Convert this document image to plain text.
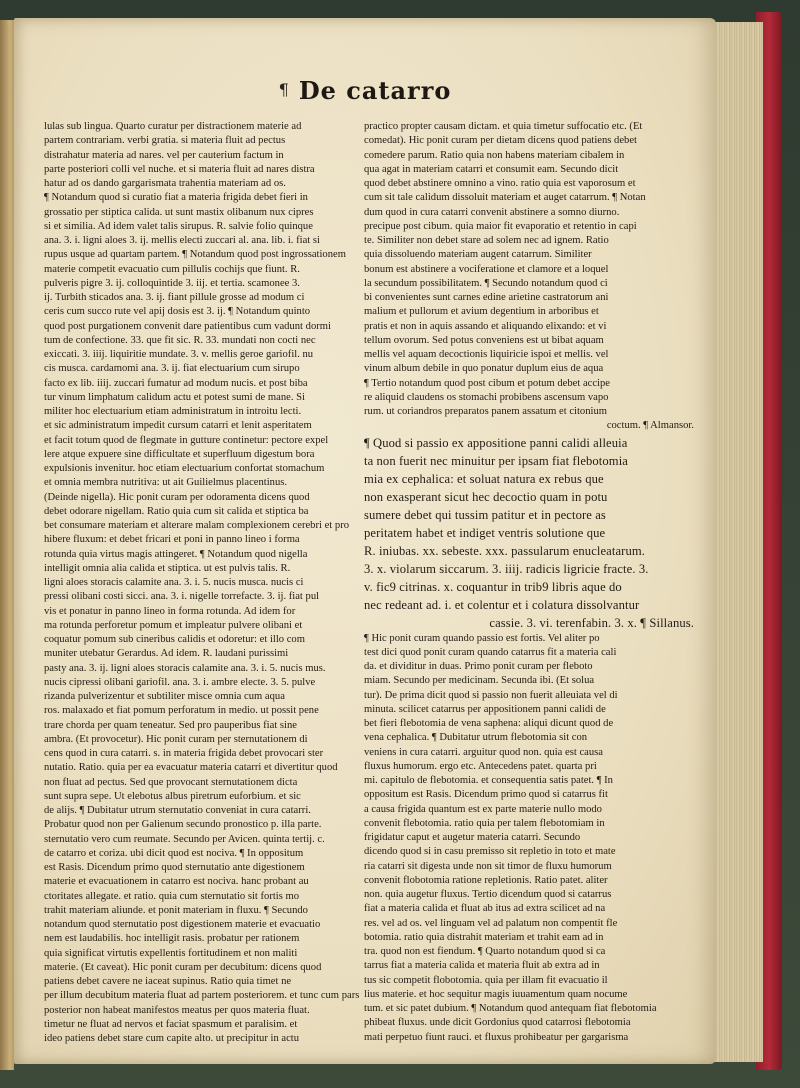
¶ De catarro
lulas sub lingua. Quarto curatur per distractionem materie ad
partem contrariam. verbi gratia. si materia fluit ad pectus
distrahatur materia ad nares. vel per cauterium factum in
parte posteriori colli vel nuche. et si materia fluit ad nares distra
hatur ad os dando gargarismata trahentia materiam ad os.
¶ Notandum quod si curatio fiat a materia frigida debet fieri in
grossatio per stiptica calida. ut sunt mastix olibanum nux cipres
si et similia. Ad idem valet talis sirupus. R. salvie folio quinque
ana. 3. i. ligni aloes 3. ij. mellis electi zuccari al. ana. lib. i. fiat si
rupus usque ad quartam partem. ¶ Notandum quod post ingrossationem
materie competit evacuatio cum pillulis cochijs que fiunt. R.
pulveris pigre 3. ij. colloquintide 3. iij. et tertia. scamonee 3.
ij. Turbith sticados ana. 3. ij. fiant pillule grosse ad modum ci
ceris cum succo rute vel apij dosis est 3. ij. ¶ Notandum quinto
quod post purgationem convenit dare patientibus cum vadunt dormi
tum de confectione. 33. que fit sic. R. 33. mundati non cocti nec
exiccati. 3. iiij. liquiritie mundate. 3. v. mellis geroe gariofil. nu
cis musca. cardamomi ana. 3. ij. fiat electuarium cum sirupo
facto ex lib. iiij. zuccari fumatur ad modum nucis. et post biba
tur vinum limphatum calidum actu et potest sumi de mane. Si
militer hoc electuarium etiam administratum in introitu lecti.
et sic administratum impedit cursum catarri et lenit asperitatem
et facit totum quod de flegmate in gutture continetur: pectore expel
lere atque expuere sine difficultate et superfluum digestum bora
expulsionis invenitur. hoc etiam electuarium confortat stomachum
et omnia membra nutritiva: ut ait Guilielmus placentinus.
(Deinde nigella). Hic ponit curam per odoramenta dicens quod
debet odorare nigellam. Ratio quia cum sit calida et stiptica ba
bet consumare materiam et alterare malam complexionem cerebri et pro
hibere fluxum: et debet fricari et poni in panno lineo i forma
rotunda quia virtus magis attingeret. ¶ Notandum quod nigella
intelligit omnia alia calida et stiptica. ut est pulvis talis. R.
ligni aloes storacis calamite ana. 3. i. 5. nucis musca. nucis ci
pressi olibani costi sicci. ana. 3. i. nigelle torrefacte. 3. ij. fiat pul
vis et ponatur in panno lineo in forma rotunda. Ad idem for
ma rotunda perforetur pomum et impleatur pulvere olibani et
coquatur pomum sub cineribus calidis et odoretur: et illo com
muniter utebatur Gerardus. Ad idem. R. laudani purissimi
pasty ana. 3. ij. ligni aloes storacis calamite ana. 3. i. 5. nucis mus.
nucis cipressi olibani gariofil. ana. 3. i. ambre electe. 3. 5. pulve
rizanda pulverizentur et subtiliter misce omnia cum aqua
ros. malaxado et fiat pomum perforatum in medio. ut possit pene
trare chorda per quam teneatur. Sed pro pauperibus fiat sine
ambra. (Et provocetur). Hic ponit curam per sternutationem di
cens quod in cura catarri. s. in materia frigida debet provocari ster
nutatio. Ratio. quia per ea evacuatur materia catarri et divertitur quod
non fluat ad pectus. Sed que provocant sternutationem dicta
sunt supra sepe. Ut elebotus albus piretrum euforbium. et sic
de alijs. ¶ Dubitatur utrum sternutatio conveniat in cura catarri.
Probatur quod non per Galienum secundo pronostico p. illa parte.
sternutatio vero cum reumate. Secundo per Avicen. quinta tertij. c.
de catarro et coriza. ubi dicit quod est nociva. ¶ In oppositum
est Rasis. Dicendum primo quod sternutatio ante digestionem
materie et evacuationem in catarro est nociva. hanc probant au
ctoritates allegate. et ratio. quia cum sternutatio sit fortis mo
trahit materiam aliunde. et ponit materiam in fluxu. ¶ Secundo
notandum quod sternutatio post digestionem materie et evacuatio
nem est laudabilis. hoc intelligit rasis. probatur per rationem
quia significat virtutis expellentis fortitudinem et non maliti
materie. (Et caveat). Hic ponit curam per decubitum: dicens quod
patiens debet cavere ne iaceat supinus. Ratio quia timet ne
per illum decubitum materia fluat ad partem posteriorem. et tunc cum pars
posterior non habeat manifestos meatus per quos materia fluat.
timetur ne fluat ad nervos et faciat spasmum et paralisim. et
ideo patiens debet stare cum capite alto. ut precipitur in actu
practico propter causam dictam. et quia timetur suffocatio etc. (Et
comedat). Hic ponit curam per dietam dicens quod patiens debet
comedere parum. Ratio quia non habens materiam cibalem in
qua agat in materiam catarri et consumit eam. Secundo dicit
quod debet abstinere omnino a vino. ratio quia est vaporosum et
cum sit tale calidum dissoluit materiam et auget catarrum. ¶ Notan
dum quod in cura catarri convenit abstinere a somno diurno.
precipue post cibum. quia maior fit evaporatio et retentio in capi
te. Similiter non debet stare ad solem nec ad ignem. Ratio
quia dissoluendo materiam augent catarrum. Similiter
bonum est abstinere a vociferatione et clamore et a loquel
la secundum possibilitatem. ¶ Secundo notandum quod ci
bi convenientes sunt carnes edine arietine castratorum ani
malium et pullorum et avium degentium in arboribus et
pratis et non in aquis assando et aliquando elixando: et vi
tellum ovorum. Sed potus conveniens est ut bibat aquam
mellis vel aquam decoctionis liquiricie ispoi et mellis. vel
vinum album debile in quo ponatur duplum eius de aqua
¶ Tertio notandum quod post cibum et potum debet accipe
re aliquid claudens os stomachi probibens ascensum vapo
rum. ut coriandros preparatos panem assatum et citonium
coctum. ¶ Almansor.
¶ Quod si passio ex appositione panni calidi alleuia
ta non fuerit nec minuitur per ipsam fiat flebotomia
mia ex cephalica: et soluat natura ex rebus que
non exasperant sicut hec decoctio quam in potu
sumere debet qui tussim patitur et in pectore as
peritatem habet et indiget ventris solutione que
R. iniubas. xx. sebeste. xxx. passularum enucleatarum.
3. x. violarum siccarum. 3. iiij. radicis ligricie fracte. 3.
v. fic9 citrinas. x. coquantur in trib9 libris aque do
nec redeant ad. i. et colentur et i colatura dissolvantur
cassie. 3. vi. terenfabin. 3. x. ¶ Sillanus.
¶ Hic ponit curam quando passio est fortis. Vel aliter po
test dici quod ponit curam quando catarrus fit a materia cali
da. et dividitur in duas. Primo ponit curam per fleboto
miam. Secundo per medicinam. Secunda ibi. (Et solua
tur). De prima dicit quod si passio non fuerit alleuiata vel di
minuta. scilicet catarrus per appositionem panni calidi de
bet fieri flebotomia de vena saphena: aliqui dicunt quod de
vena cephalica. ¶ Dubitatur utrum flebotomia sit con
veniens in cura catarri. arguitur quod non. quia est causa
fluxus humorum. ergo etc. Antecedens patet. quarta pri
mi. capitulo de flebotomia. et consequentia satis patet. ¶ In
oppositum est Rasis. Dicendum primo quod si catarrus fit
a causa frigida quantum est ex parte materie nullo modo
convenit flebotomia. ratio quia per talem flebotomiam in
frigidatur caput et augetur materia catarri. Secundo
dicendo quod si in casu premisso sit repletio in toto et mate
ria catarri sit digesta unde non sit timor de fluxu humorum
convenit flobotomia ratione repletionis. Ratio patet. aliter
non. quia augetur fluxus. Tertio dicendum quod si catarrus
fiat a materia calida et fluat ab itus ad extra scilicet ad na
res. vel ad os. vel linguam vel ad palatum non compentit fle
botomia. ratio quia distrahit materiam et trahit eam ad in
tra. quod non est fiendum. ¶ Quarto notandum quod si ca
tarrus fiat a materia calida et materia fluit ab extra ad in
tus sic competit flobotomia. quia per illam fit evacuatio il
lius materie. et hoc sequitur magis iuuamentum quam nocume
tum. et sic patet dubium. ¶ Notandum quod antequam fiat flebotomia
phibeat fluxus. unde dicit Gordonius quod catarrosi flebotomia
mati perpetuo fiunt rauci. et fluxus prohibeatur per gargarisma
